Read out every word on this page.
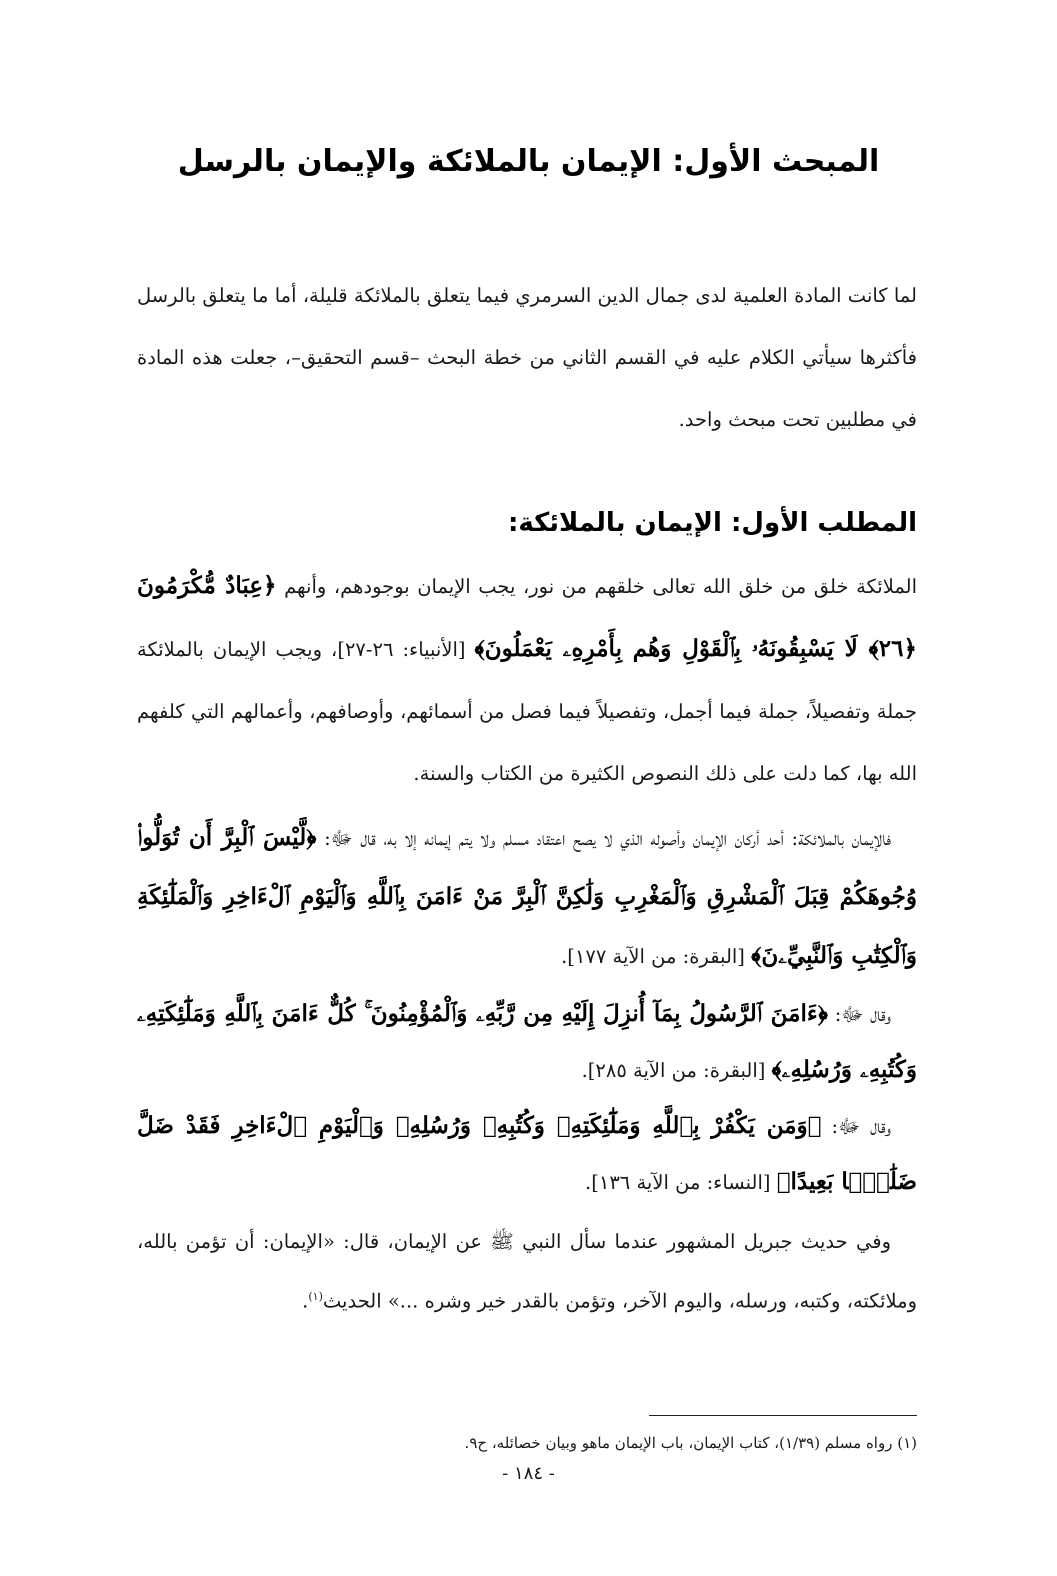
المبحث الأول: الإيمان بالملائكة والإيمان بالرسل

لما كانت المادة العلمية لدى جمال الدين السرمري فيما يتعلق بالملائكة قليلة، أما ما يتعلق بالرسل فأكثرها سيأتي الكلام عليه في القسم الثاني من خطة البحث –قسم التحقيق–، جعلت هذه المادة في مطلبين تحت مبحث واحد.

المطلب الأول: الإيمان بالملائكة:

الملائكة خلق من خلق الله تعالى خلقهم من نور، يجب الإيمان بوجودهم، وأنهم ﴿عِبَادٌ مُّكْرَمُونَ ﴿٢٦﴾ لَا يَسْبِقُونَهُۥ بِٱلْقَوْلِ وَهُم بِأَمْرِهِۦ يَعْمَلُونَ﴾ [الأنبياء: ٢٦-٢٧]، ويجب الإيمان بالملائكة جملة وتفصيلاً، جملة فيما أجمل، وتفصيلاً فيما فصل من أسمائهم، وأوصافهم، وأعمالهم التي كلفهم الله بها، كما دلت على ذلك النصوص الكثيرة من الكتاب والسنة.

فالإيمان بالملائكة: أحد أركان الإيمان وأصوله الذي لا يصح اعتقاد مسلم ولا يتم إيمانه إلا به، قال ﷻ: ﴿لَّيْسَ ٱلْبِرَّ أَن تُوَلُّوا۟ وُجُوهَكُمْ قِبَلَ ٱلْمَشْرِقِ وَٱلْمَغْرِبِ وَلَٰكِنَّ ٱلْبِرَّ مَنْ ءَامَنَ بِٱللَّهِ وَٱلْيَوْمِ ٱلْءَاخِرِ وَٱلْمَلَٰٓئِكَةِ وَٱلْكِتَٰبِ وَٱلنَّبِيِّۦنَ﴾ [البقرة: من الآية ١٧٧].

وقال ﷻ: ﴿ءَامَنَ ٱلرَّسُولُ بِمَآ أُنزِلَ إِلَيْهِ مِن رَّبِّهِۦ وَٱلْمُؤْمِنُونَ ۚ كُلٌّ ءَامَنَ بِٱللَّهِ وَمَلَٰٓئِكَتِهِۦ وَكُتُبِهِۦ وَرُسُلِهِۦ﴾ [البقرة: من الآية ٢٨٥].

وقال ﷻ: ﴿وَمَن يَكْفُرْ بِٱللَّهِ وَمَلَٰٓئِكَتِهِۦ وَكُتُبِهِۦ وَرُسُلِهِۦ وَٱلْيَوْمِ ٱلْءَاخِرِ فَقَدْ ضَلَّ ضَلَٰلًۢا بَعِيدًا﴾ [النساء: من الآية ١٣٦].

وفي حديث جبريل المشهور عندما سأل النبي ﷺ عن الإيمان، قال: «الإيمان: أن تؤمن بالله، وملائكته، وكتبه، ورسله، واليوم الآخر، وتؤمن بالقدر خير وشره ...» الحديث$^{(١)}$.

(١) رواه مسلم (١/٣٩)، كتاب الإيمان، باب الإيمان ماهو وبيان خصائله، ح٩.
- ١٨٤ -
